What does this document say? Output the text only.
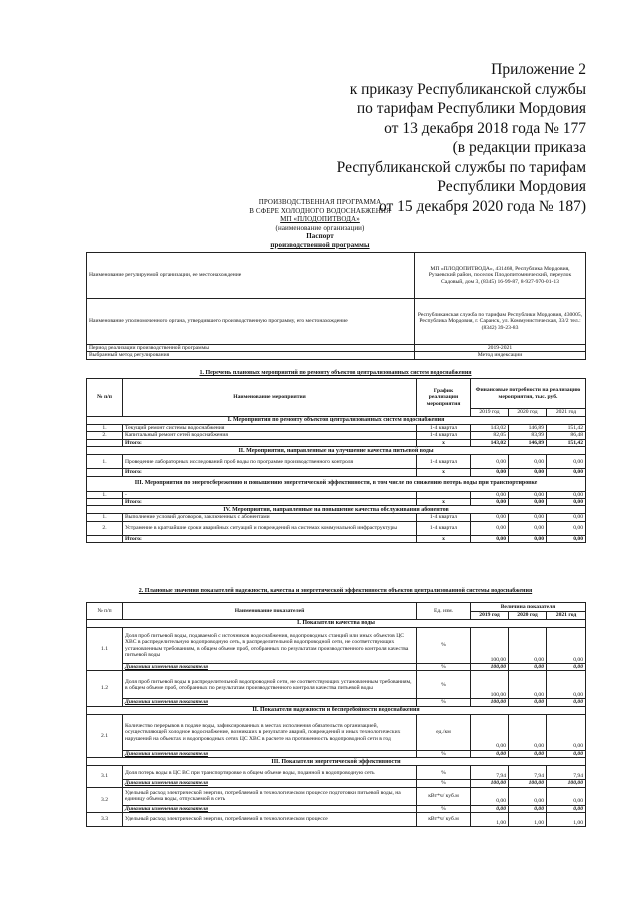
Приложение 2
к приказу Республиканской службы
по тарифам Республики Мордовия
от 13 декабря 2018 года № 177
(в редакции приказа
Республиканской службы по тарифам
Республики Мордовия
от 15 декабря 2020 года № 187)
ПРОИЗВОДСТВЕННАЯ ПРОГРАММА
В СФЕРЕ ХОЛОДНОГО ВОДОСНАБЖЕНИЯ
МП «ПЛОДОПИТВОДА»
(наименование организации)
Паспорт
производственной программы
Наименование регулируемой организации, ее местонахождение	МП «ПЛОДОПИТВОДА», 431468, Республика Мордовия, Рузаевский район, поселок Плодопитомнический, переулок Садовый, дом 3, (8345) 16-99-87, 8-927-970-01-13
Наименование уполномоченного органа, утвердившего производственную программу, его местонахождение	Республиканская служба по тарифам Республики Мордовия, 430005, Республика Мордовия, г. Саранск, ул. Коммунистическая, 33/2 тел.: (8342) 39-23-83
Период реализации производственной программы	2019-2021
Выбранный метод регулирования	Метод индексации
1. Перечень плановых мероприятий по ремонту объектов централизованных систем водоснабжения
№ п/п	Наименование мероприятия	График реализации мероприятия	Финансовые потребности на реализацию мероприятия, тыс. руб.		
			2019 год	2020 год	2021 год
I. Мероприятия по ремонту объектов централизованных систем водоснабжения					
1.	Текущий ремонт системы водоснабжения	1-4 квартал	143,02	146,89	151,42
2.	Капитальный ремонт сетей водоснабжения	1-4 квартал	82,05	83,99	86,48
	Итого:	х	143,02	146,89	151,42
II. Мероприятия, направленные на улучшение качества питьевой воды					
1.	Проведение лабораторных исследований проб воды по программе производственного контроля	1-4 квартал	0,00	0,00	0,00
	Итого:	х	0,00	0,00	0,00
III. Мероприятия по энергосбережению и повышению энергетической эффективности, в том числе по снижению потерь воды при транспортировке					
1.	-		0,00	0,00	0,00
	Итого:	х	0,00	0,00	0,00
IV. Мероприятия, направленные на повышение качества обслуживания абонентов					
1.	Выполнение условий договоров, заключенных с абонентами	1-4 квартал	0,00	0,00	0,00
2.	Устранение в кратчайшие сроки аварийных ситуаций и повреждений на системах коммунальной инфраструктуры	1-4 квартал	0,00	0,00	0,00
	Итого:	х	0,00	0,00	0,00
2. Плановые значения показателей надежности, качества и энергетической эффективности объектов централизованной системы водоснабжения
№ п/п	Наименование показателей	Ед. изм.	Величина показателя		
			2019 год	2020 год	2021 год
I. Показатели качества воды					
1.1	Доля проб питьевой воды, подаваемой с источников водоснабжения, водопроводных станций или иных объектов ЦС ХВС в распределительную водопроводную сеть, в распределительной водопроводной сети, не соответствующих установленным требованиям, в общем объеме проб, отобранных по результатам производственного контроля качества питьевой воды	%	100,00	0,00	0,00
	Динамика изменения показателя	%	100,00	0,00	0,00
1.2	Доля проб питьевой воды в распределительной водопроводной сети, не соответствующих установленным требованиям, в общем объеме проб, отобранных по результатам производственного контроля качества питьевой воды	%	100,00	0,00	0,00
	Динамика изменения показателя	%	100,00	0,00	0,00
II. Показатели надежности и бесперебойности водоснабжения					
2.1	Количество перерывов в подаче воды, зафиксированных в местах исполнения обязательств организацией, осуществляющей холодное водоснабжение, возникших в результате аварий, повреждений и иных технологических нарушений на объектах и водопроводных сетях ЦС ХВС в расчете на протяженность водопроводной сети в год	ед./км	0,00	0,00	0,00
	Динамика изменения показателя	%	0,00	0,00	0,00
III. Показатели энергетической эффективности					
3.1	Доля потерь воды в ЦС ВС при транспортировке в общем объеме воды, поданной в водопроводную сеть	%	7,94	7,94	7,94
	Динамика изменения показателя	%	100,00	100,00	100,00
3.2	Удельный расход электрической энергии, потребляемой в технологическом процессе подготовки питьевой воды, на единицу объема воды, отпускаемой в сеть	кВт*ч/ куб.м	0,00	0,00	0,00
	Динамика изменения показателя	%	0,00	0,00	0,00
3.3	Удельный расход электрической энергии, потребляемой в технологическом процессе	кВт*ч/ куб.м	1,00	1,00	1,00
